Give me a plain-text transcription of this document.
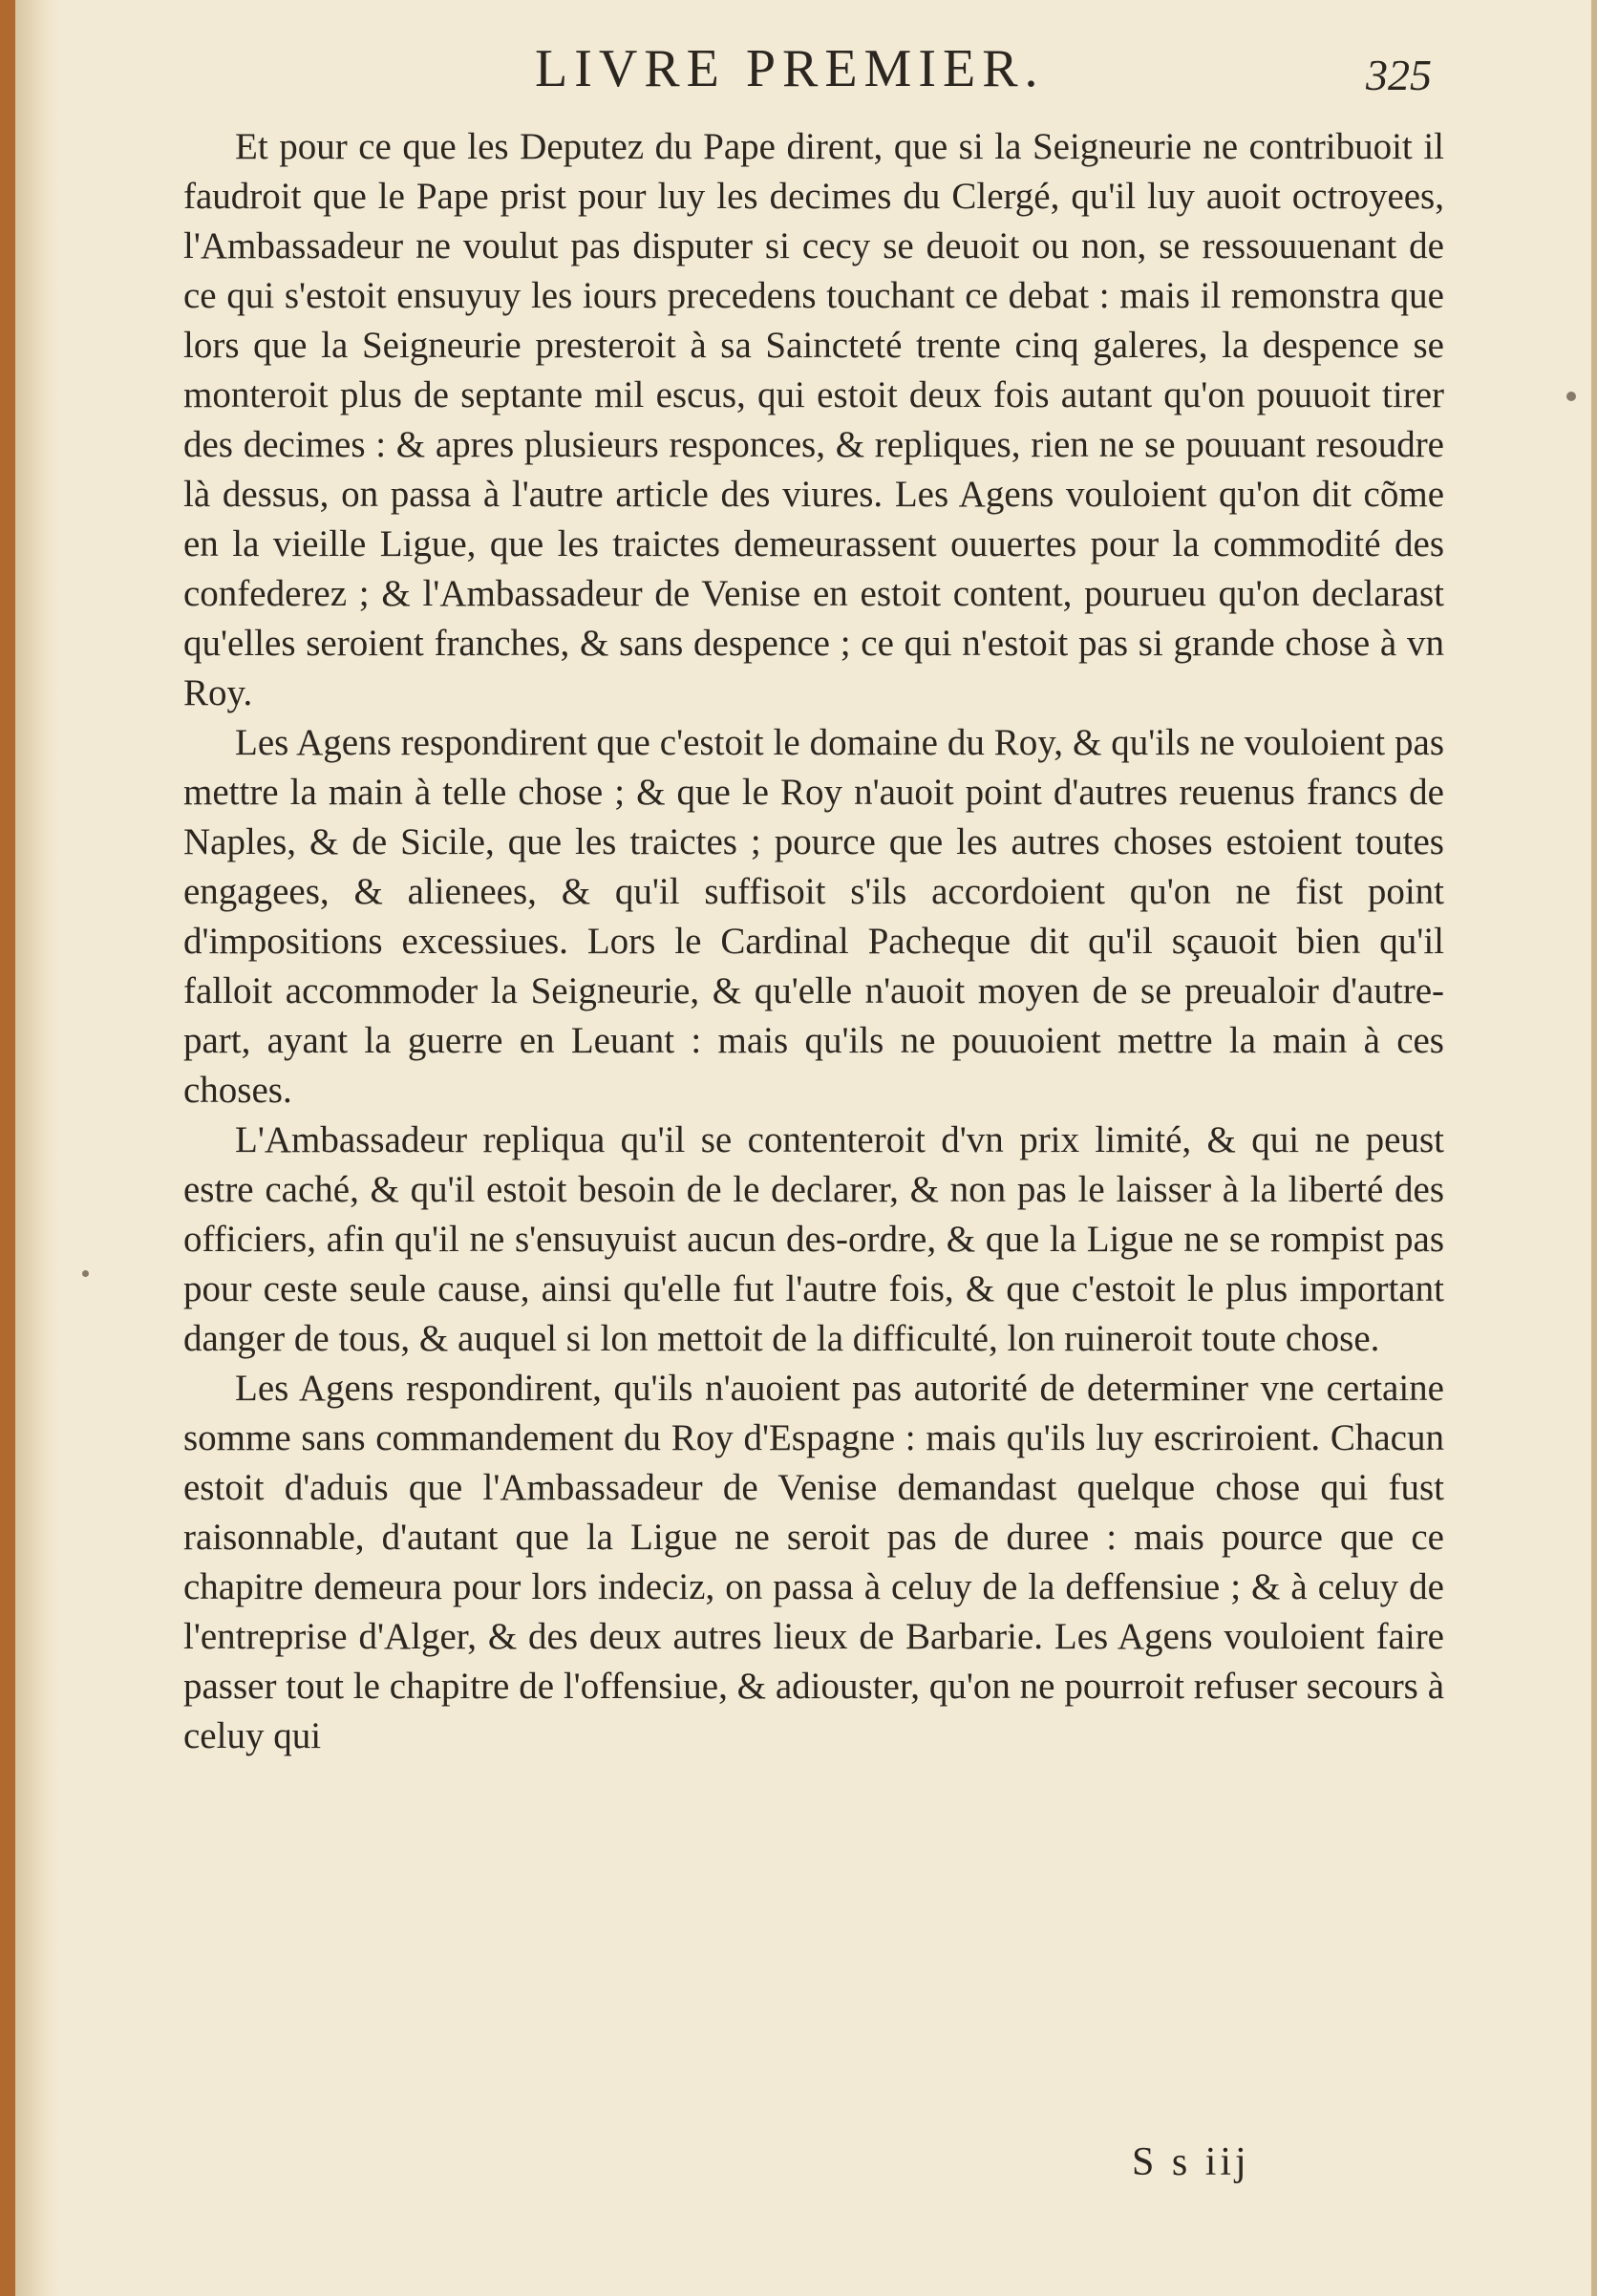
LIVRE PREMIER.	325

Et pour ce que les Deputez du Pape dirent, que si la Seigneurie ne contribuoit il faudroit que le Pape prist pour luy les decimes du Clergé, qu'il luy auoit octroyees, l'Ambassadeur ne voulut pas disputer si cecy se deuoit ou non, se ressouuenant de ce qui s'estoit ensuyuy les iours precedens touchant ce debat : mais il remonstra que lors que la Seigneurie presteroit à sa Saincteté trente cinq galeres, la despence se monteroit plus de septante mil escus, qui estoit deux fois autant qu'on pouuoit tirer des decimes : & apres plusieurs responces, & repliques, rien ne se pouuant resoudre là dessus, on passa à l'autre article des viures. Les Agens vouloient qu'on dit cõme en la vieille Ligue, que les traictes demeurassent ouuertes pour la commodité des confederez ; & l'Ambassadeur de Venise en estoit content, pourueu qu'on declarast qu'elles seroient franches, & sans despence ; ce qui n'estoit pas si grande chose à vn Roy.

Les Agens respondirent que c'estoit le domaine du Roy, & qu'ils ne vouloient pas mettre la main à telle chose ; & que le Roy n'auoit point d'autres reuenus francs de Naples, & de Sicile, que les traictes ; pource que les autres choses estoient toutes engagees, & alienees, & qu'il suffisoit s'ils accordoient qu'on ne fist point d'impositions excessiues. Lors le Cardinal Pacheque dit qu'il sçauoit bien qu'il falloit accommoder la Seigneurie, & qu'elle n'auoit moyen de se preualoir d'autre-part, ayant la guerre en Leuant : mais qu'ils ne pouuoient mettre la main à ces choses.

L'Ambassadeur repliqua qu'il se contenteroit d'vn prix limité, & qui ne peust estre caché, & qu'il estoit besoin de le declarer, & non pas le laisser à la liberté des officiers, afin qu'il ne s'ensuyuist aucun des-ordre, & que la Ligue ne se rompist pas pour ceste seule cause, ainsi qu'elle fut l'autre fois, & que c'estoit le plus important danger de tous, & auquel si lon mettoit de la difficulté, lon ruineroit toute chose.

Les Agens respondirent, qu'ils n'auoient pas autorité de determiner vne certaine somme sans commandement du Roy d'Espagne : mais qu'ils luy escriroient. Chacun estoit d'aduis que l'Ambassadeur de Venise demandast quelque chose qui fust raisonnable, d'autant que la Ligue ne seroit pas de duree : mais pource que ce chapitre demeura pour lors indeciz, on passa à celuy de la deffensiue ; & à celuy de l'entreprise d'Alger, & des deux autres lieux de Barbarie. Les Agens vouloient faire passer tout le chapitre de l'offensiue, & adiouster, qu'on ne pourroit refuser secours à celuy qui

S s iij
